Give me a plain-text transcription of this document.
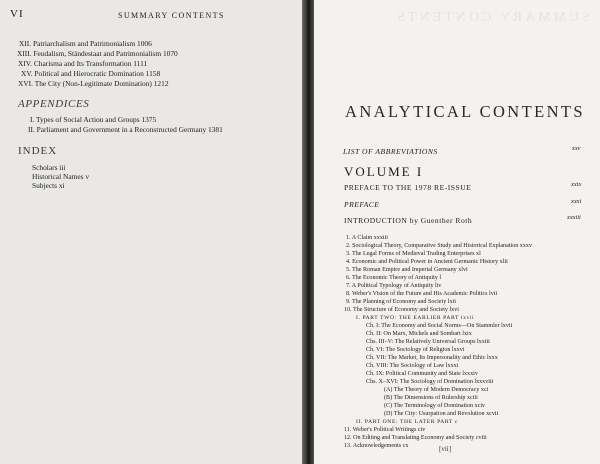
VI	SUMMARY CONTENTS
XII. Patriarchalism and Patrimonialism 1006
XIII. Feudalism, Ständestaat and Patrimonialism 1070
XIV. Charisma and Its Transformation 1111
XV. Political and Hierocratic Domination 1158
XVI. The City (Non-Legitimate Domination) 1212
APPENDICES
I. Types of Social Action and Groups 1375
II. Parliament and Government in a Reconstructed Germany 1381
INDEX
Scholars iii
Historical Names v
Subjects xi
SUMMARY CONTENTS
ANALYTICAL CONTENTS
LIST OF ABBREVIATIONS	xxv
VOLUME I
PREFACE TO THE 1978 RE-ISSUE	xxix
PREFACE	xxxi
INTRODUCTION by Guenther Roth	xxxiii
1. A Claim xxxiii
2. Sociological Theory, Comparative Study and Historical Explanation xxxv
3. The Legal Forms of Medieval Trading Enterprises xl
4. Economic and Political Power in Ancient Germanic History xlii
5. The Roman Empire and Imperial Germany xlvi
6. The Economic Theory of Antiquity l
7. A Political Typology of Antiquity liv
8. Weber's Vision of the Future and His Academic Politics lvii
9. The Planning of Economy and Society lxii
10. The Structure of Economy and Society lxvi
I. PART TWO: THE EARLIER PART lxvii
Ch. I: The Economy and Social Norms—On Stammler lxvii
Ch. II: On Marx, Michels and Sombart lxix
Chs. III–V: The Relatively Universal Groups lxxiii
Ch. VI: The Sociology of Religion lxxvi
Ch. VII: The Market, Its Impersonality and Ethic lxxx
Ch. VIII: The Sociology of Law lxxxi
Ch. IX: Political Community and State lxxxiv
Chs. X–XVI: The Sociology of Domination lxxxviii
(A) The Theory of Modern Democracy xci
(B) The Dimensions of Rulership xciii
(C) The Terminology of Domination xciv
(D) The City: Usurpation and Revolution xcvii
II. PART ONE: THE LATER PART c
11. Weber's Political Writings civ
12. On Editing and Translating Economy and Society cviii
13. Acknowledgements cx	[vii]
